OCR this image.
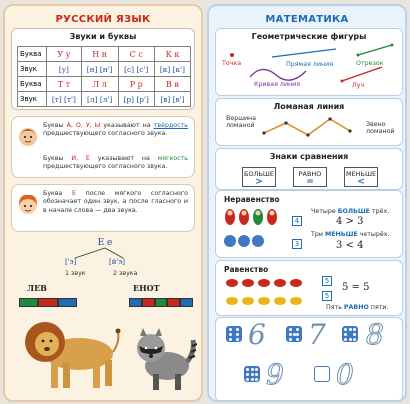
РУССКИЙ ЯЗЫК
Звуки и буквы
Буква	У у	Н н	С с	К к
Звук	[у]	[н] [н']	[с] [с']	[к] [к']
Буква	Т т	Л л	Р р	В в
Звук	[т] [т']	[л] [л']	[р] [р']	[в] [в']

Буквы А, О, У, Ы указывают на твёрдость предшествующего согласного звука.

Буквы И, Е указывают на мягкость предшествующего согласного звука.

Буква Е после мягкого согласного обозначает один звук, а после гласного и в начале слова — два звука.

Е е
['э]	[й'э]
1 звук	2 звука
ЛЕВ	ЕНОТ
МАТЕМАТИКА
Геометрические фигуры
Точка	Прямая линия	Отрезок
Кривая линия	Луч
Ломаная линия
Вершина ломаной	Звено ломаной
Знаки сравнения
БОЛЬШЕ
>
РАВНО
=
МЕНЬШЕ
<
Неравенство
4
3
Четыре БОЛЬШЕ трёх.
4 > 3
Три МЕНЬШЕ четырёх.
3 < 4
Равенство
5
5
5 = 5
Пять РАВНО пяти.
6 7 8
9 0
